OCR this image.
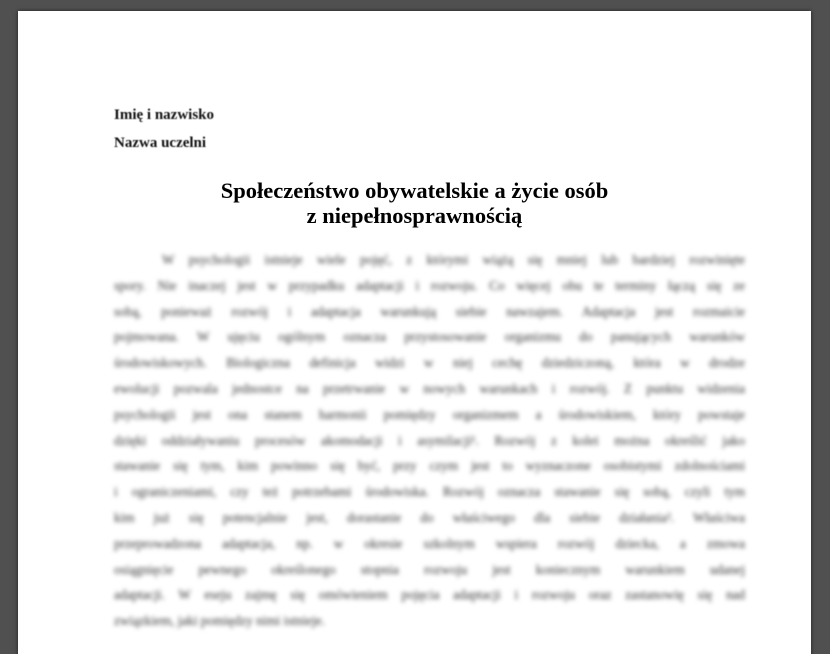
Imię i nazwisko
Nazwa uczelni
Społeczeństwo obywatelskie a życie osób
z niepełnosprawnością
W psychologii istnieje wiele pojęć, z którymi wiążą się mniej lub bardziej rozwinięte
spory. Nie inaczej jest w przypadku adaptacji i rozwoju. Co więcej obu te terminy łączą się ze
sobą, ponieważ rozwój i adaptacja warunkują siebie nawzajem. Adaptacja jest rozmaicie
pojmowana. W ujęciu ogólnym oznacza przystosowanie organizmu do panujących warunków
środowiskowych. Biologiczna definicja widzi w niej cechę dziedziczoną, która w drodze
ewolucji pozwala jednostce na przetrwanie w nowych warunkach i rozwój. Z punktu widzenia
psychologii jest ona stanem harmonii pomiędzy organizmem a środowiskiem, który powstaje
dzięki oddziaływaniu procesów akomodacji i asymilacji¹. Rozwój z kolei można określić jako
stawanie się tym, kim powinno się być, przy czym jest to wyznaczone osobistymi zdolnościami
i ograniczeniami, czy też potrzebami środowiska. Rozwój oznacza stawanie się sobą, czyli tym
kim już się potencjalnie jest, dorastanie do właściwego dla siebie działania². Właściwa
przeprowadzona adaptacja, np. w okresie szkolnym wspiera rozwój dziecka, a zmowa
osiągnięcie pewnego określonego stopnia rozwoju jest koniecznym warunkiem udanej
adaptacji. W eseju zajmę się omówieniem pojęcia adaptacji i rozwoju oraz zastanowię się nad
związkiem, jaki pomiędzy nimi istnieje.
